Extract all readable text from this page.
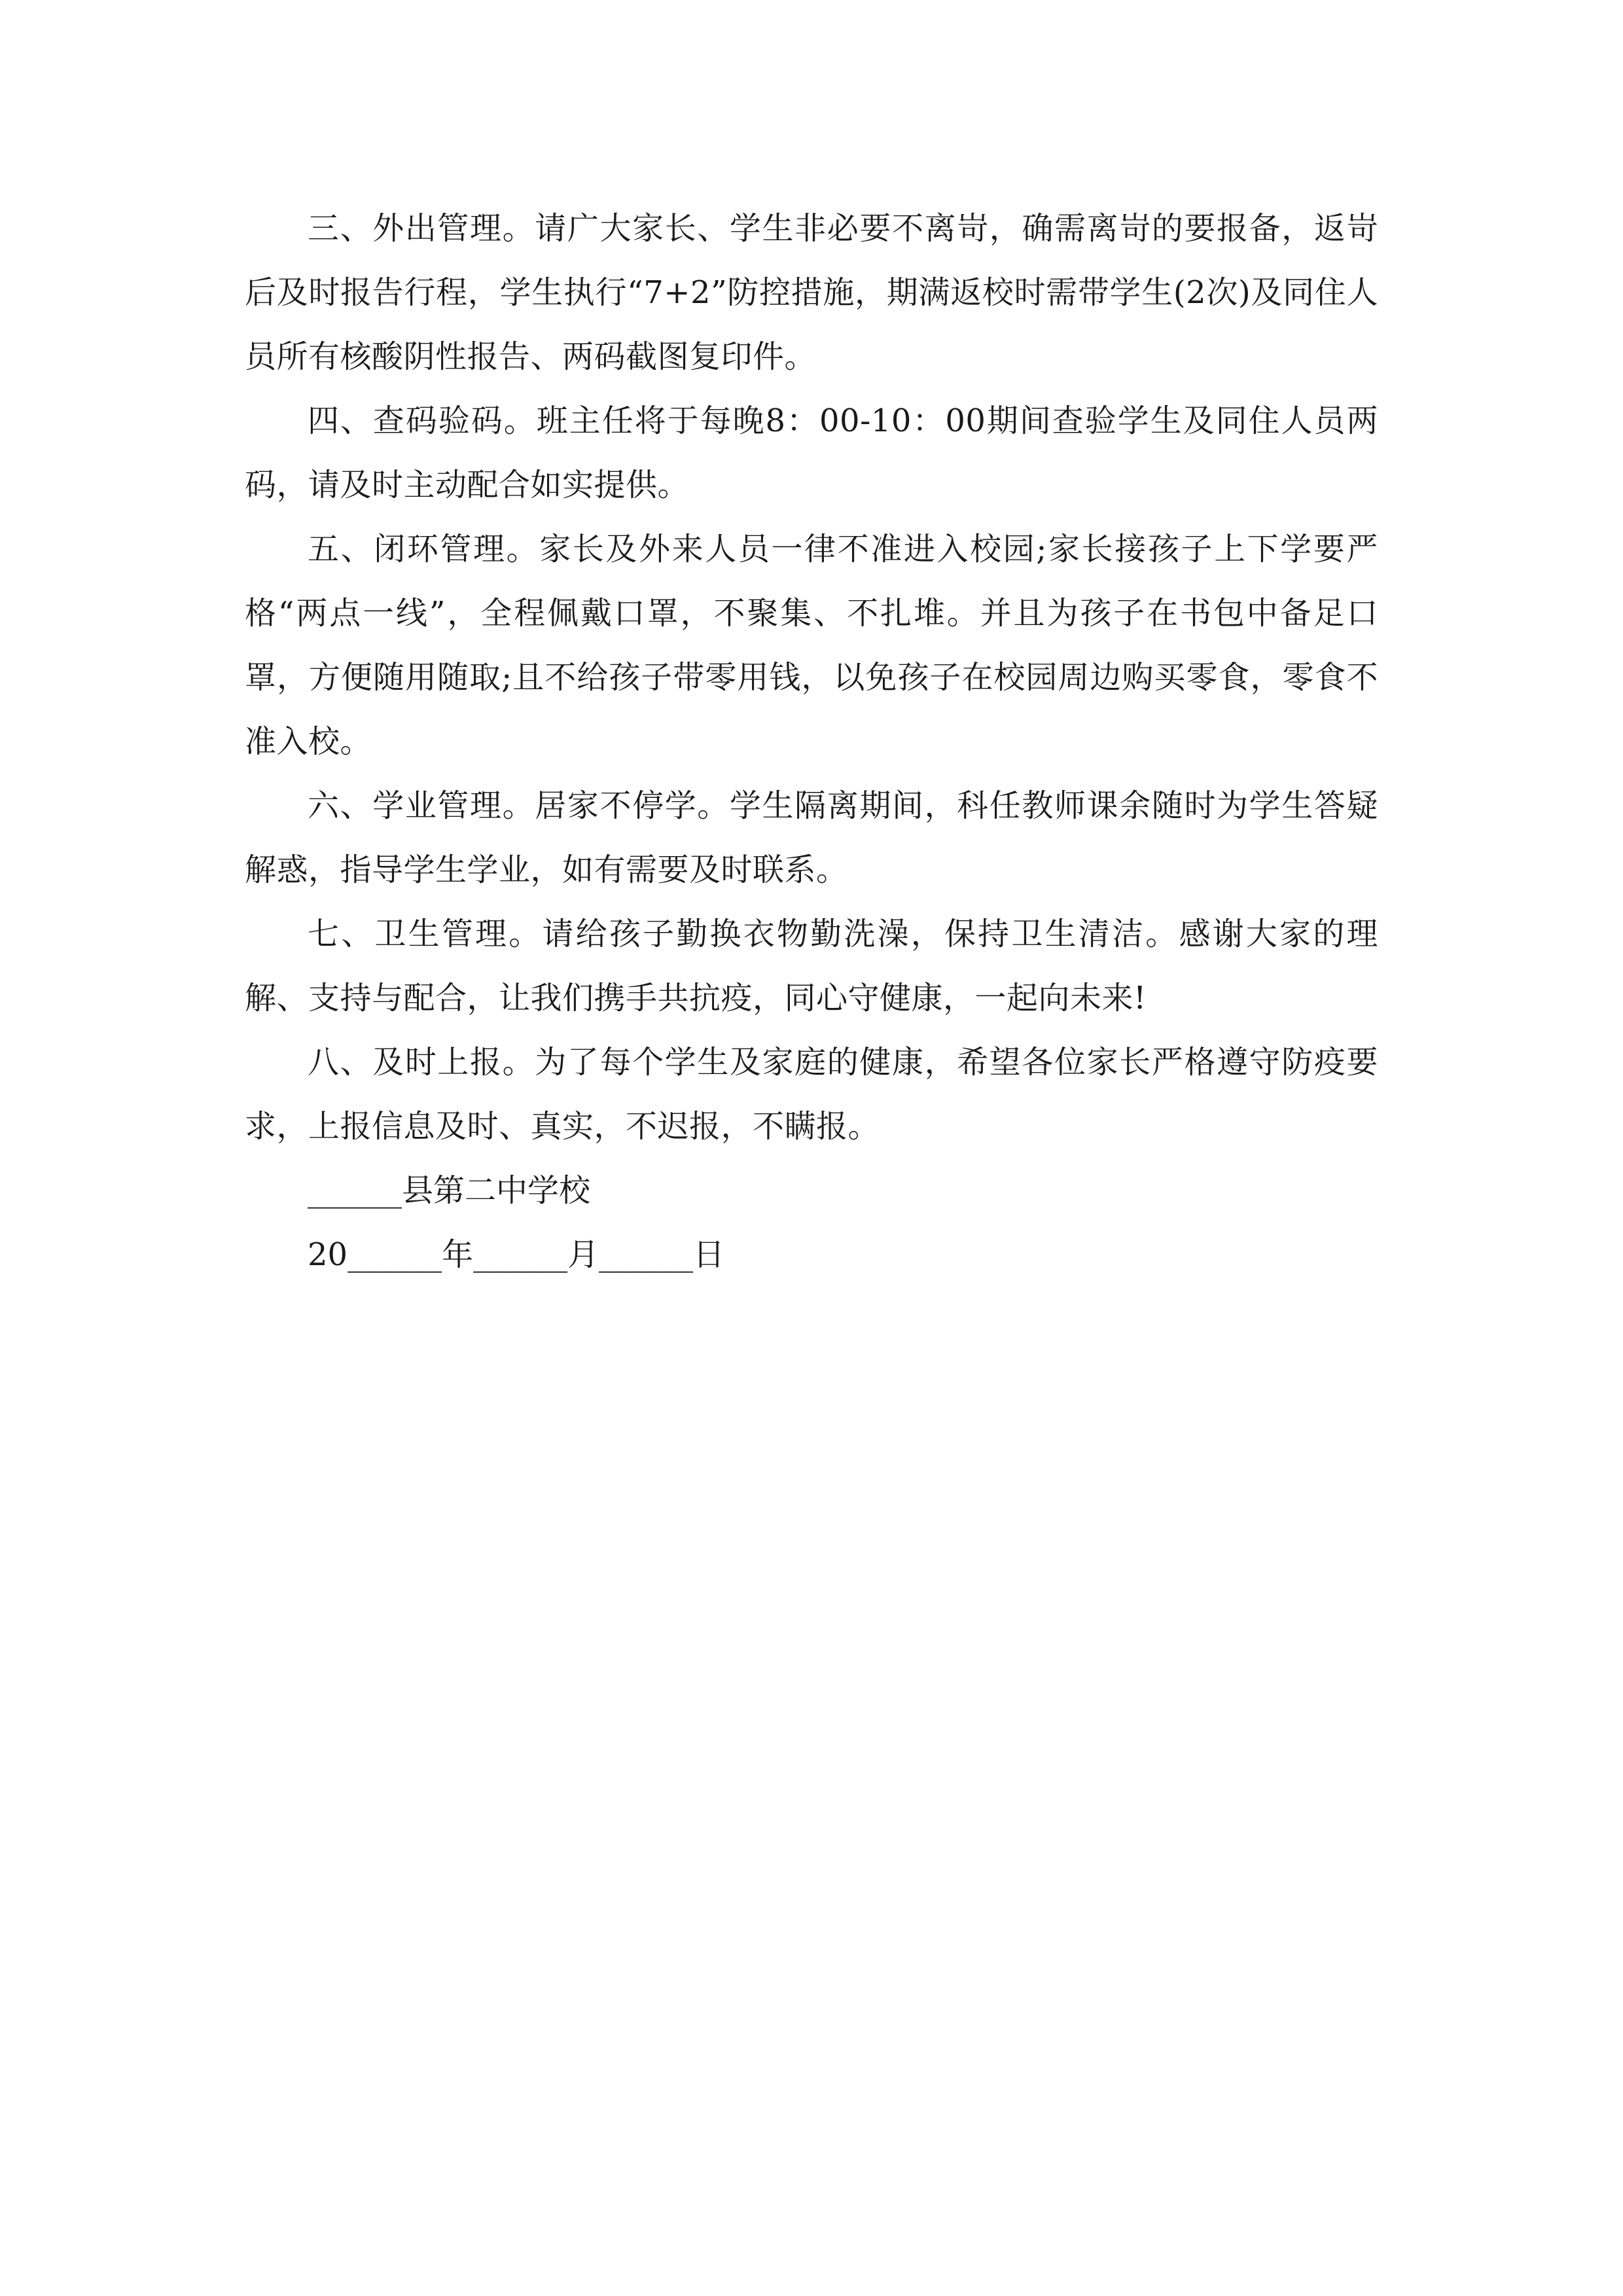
三、外出管理。请广大家长、学生非必要不离岢，确需离岢的要报备，返岢后及时报告行程，学生执行“7+2”防控措施，期满返校时需带学生(2次)及同住人员所有核酸阴性报告、两码截图复印件。

四、查码验码。班主任将于每晚8：00-10：00期间查验学生及同住人员两码，请及时主动配合如实提供。

五、闭环管理。家长及外来人员一律不准进入校园;家长接孩子上下学要严格“两点一线”，全程佩戴口罩，不聚集、不扎堆。并且为孩子在书包中备足口罩，方便随用随取;且不给孩子带零用钱，以免孩子在校园周边购买零食，零食不准入校。

六、学业管理。居家不停学。学生隔离期间，科任教师课余随时为学生答疑解惑，指导学生学业，如有需要及时联系。

七、卫生管理。请给孩子勤换衣物勤洗澡，保持卫生清洁。感谢大家的理解、支持与配合，让我们携手共抗疫，同心守健康，一起向未来!

八、及时上报。为了每个学生及家庭的健康，希望各位家长严格遵守防疫要求，上报信息及时、真实，不迟报，不瞒报。

______县第二中学校

20______年______月______日
